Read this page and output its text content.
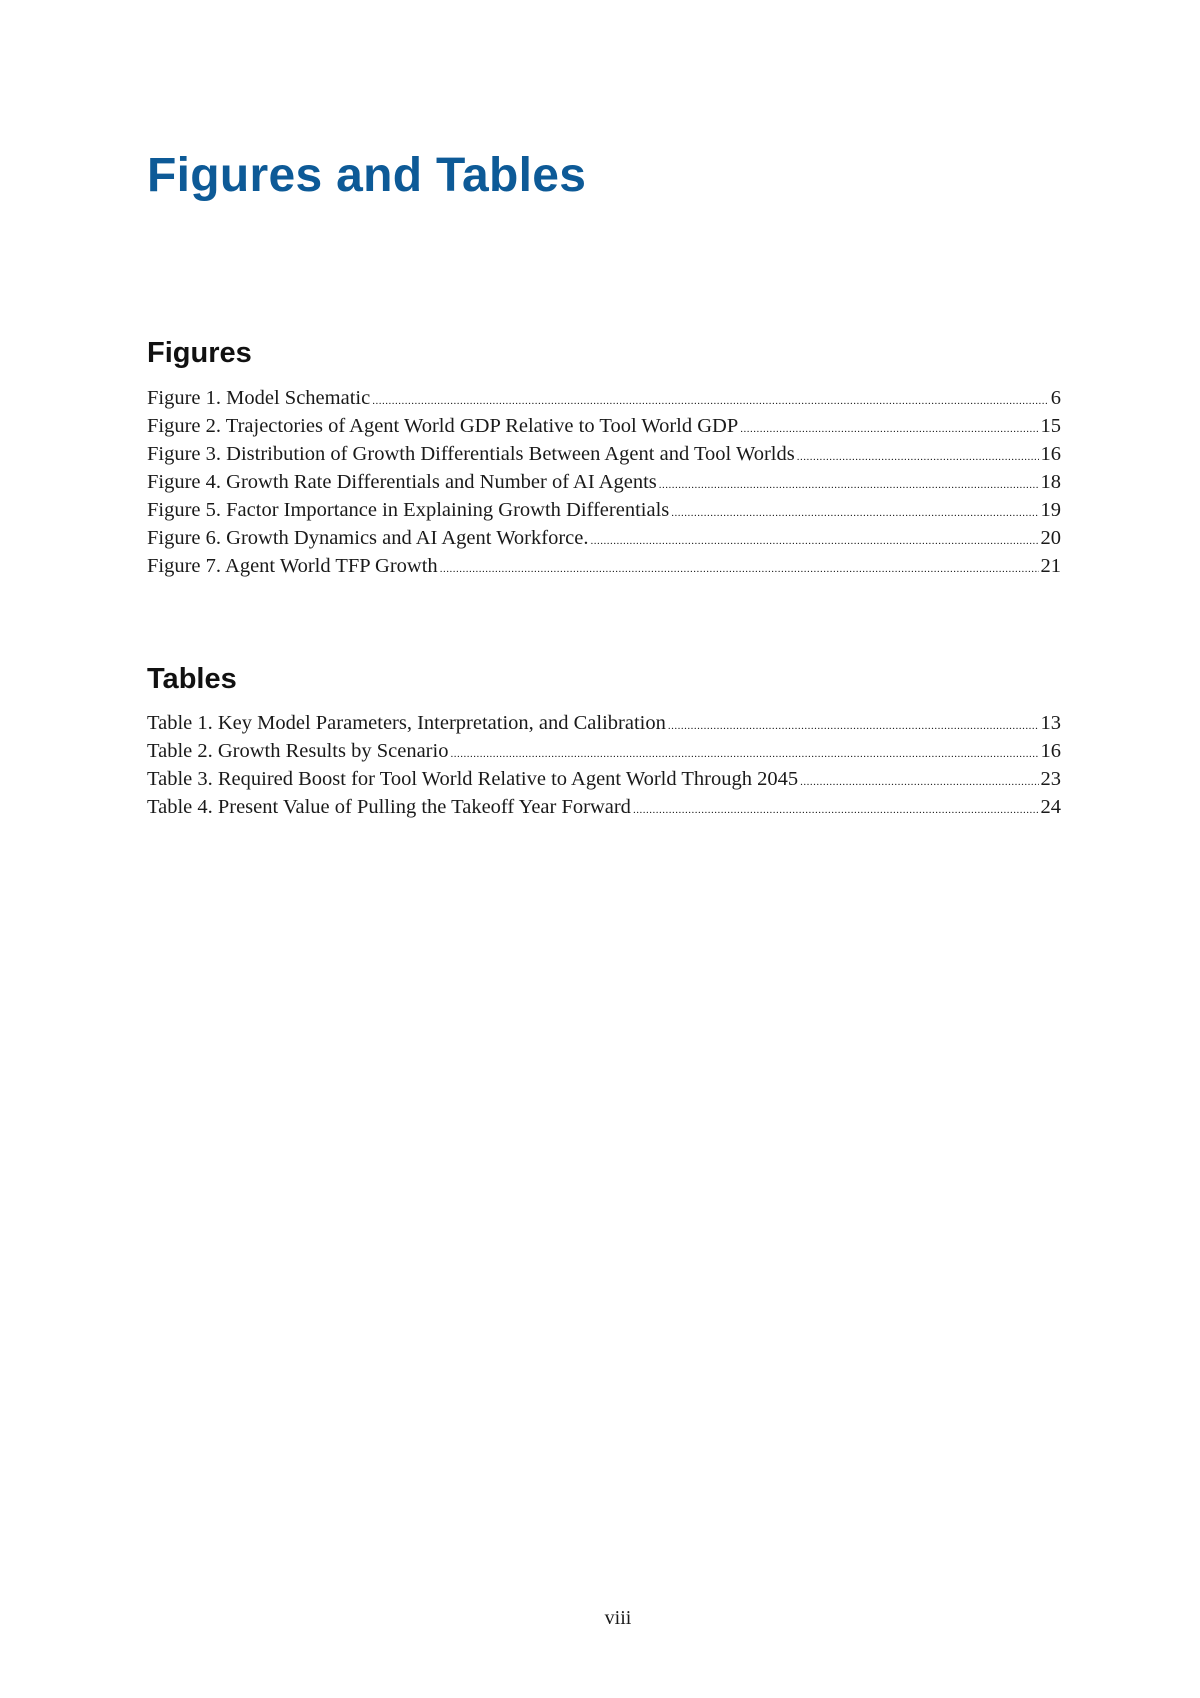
Figures and Tables
Figures
Figure 1. Model Schematic .....	6
Figure 2. Trajectories of Agent World GDP Relative to Tool World GDP .....	15
Figure 3. Distribution of Growth Differentials Between Agent and Tool Worlds .....	16
Figure 4. Growth Rate Differentials and Number of AI Agents .....	18
Figure 5. Factor Importance in Explaining Growth Differentials .....	19
Figure 6. Growth Dynamics and AI Agent Workforce. .....	20
Figure 7. Agent World TFP Growth .....	21
Tables
Table 1. Key Model Parameters, Interpretation, and Calibration .....	13
Table 2. Growth Results by Scenario .....	16
Table 3. Required Boost for Tool World Relative to Agent World Through 2045 .....	23
Table 4. Present Value of Pulling the Takeoff Year Forward .....	24

viii
